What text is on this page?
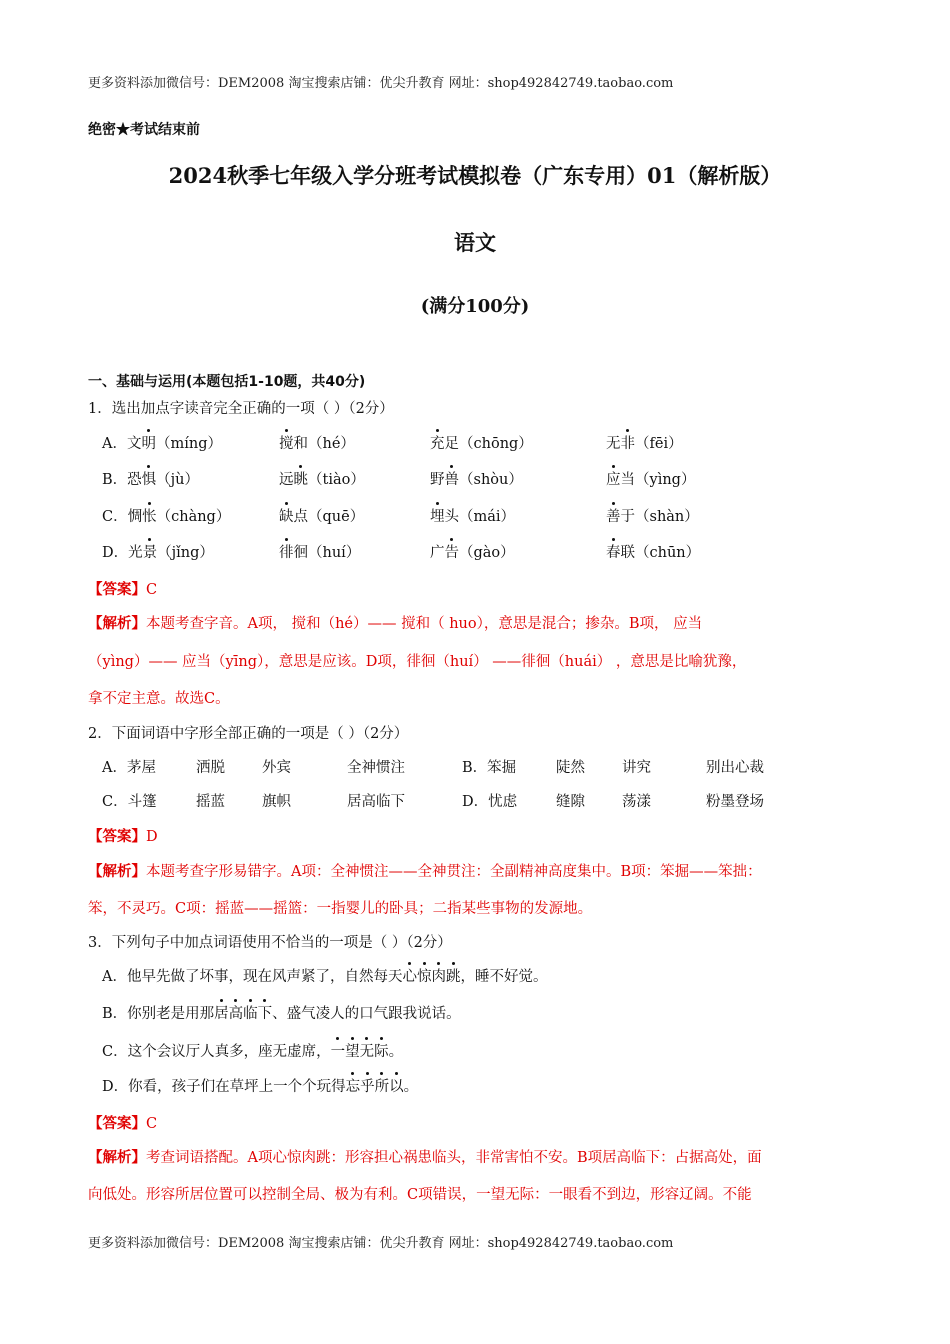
更多资料添加微信号：DEM2008 淘宝搜索店铺：优尖升教育 网址：shop492842749.taobao.com
绝密★考试结束前
2024秋季七年级入学分班考试模拟卷（广东专用）01（解析版）
语文
(满分100分)
一、基础与运用(本题包括1-10题，共40分)
1．选出加点字读音完全正确的一项（ ）（2分）
A．文明（míng）	搅和（hé）	充足（chōng）	无非（fēi）
B．恐惧（jù）	远眺（tiào）	野兽（shòu）	应当（yìng）
C．惆怅（chàng）	缺点（quē）	埋头（mái）	善于（shàn）
D．光景（jǐng）	徘徊（huí）	广告（gào）	春联（chūn）
【答案】C
【解析】本题考查字音。A项， 搅和（hé）—— 搅和（ huo），意思是混合；掺杂。B项， 应当
（yìng）—— 应当（yīng），意思是应该。D项，徘徊（huí） ——徘徊（huái） ，意思是比喻犹豫，
拿不定主意。故选C。
2．下面词语中字形全部正确的一项是（ ）（2分）
A．茅屋	洒脱	外宾	全神惯注	B．笨掘	陡然	讲究	别出心裁
C．斗篷	摇蓝	旗帜	居高临下	D．忧虑	缝隙	荡漾	粉墨登场
【答案】D
【解析】本题考查字形易错字。A项：全神惯注——全神贯注：全副精神高度集中。B项：笨掘——笨拙：
笨，不灵巧。C项：摇蓝——摇篮：一指婴儿的卧具；二指某些事物的发源地。
3．下列句子中加点词语使用不恰当的一项是（ ）（2分）
A．他早先做了坏事，现在风声紧了，自然每天心惊肉跳，睡不好觉。
B．你别老是用那居高临下、盛气凌人的口气跟我说话。
C．这个会议厅人真多，座无虚席，一望无际。
D．你看，孩子们在草坪上一个个玩得忘乎所以。
【答案】C
【解析】考查词语搭配。A项心惊肉跳：形容担心祸患临头，非常害怕不安。B项居高临下：占据高处，面
向低处。形容所居位置可以控制全局、极为有利。C项错误，一望无际：一眼看不到边，形容辽阔。不能
更多资料添加微信号：DEM2008 淘宝搜索店铺：优尖升教育 网址：shop492842749.taobao.com
